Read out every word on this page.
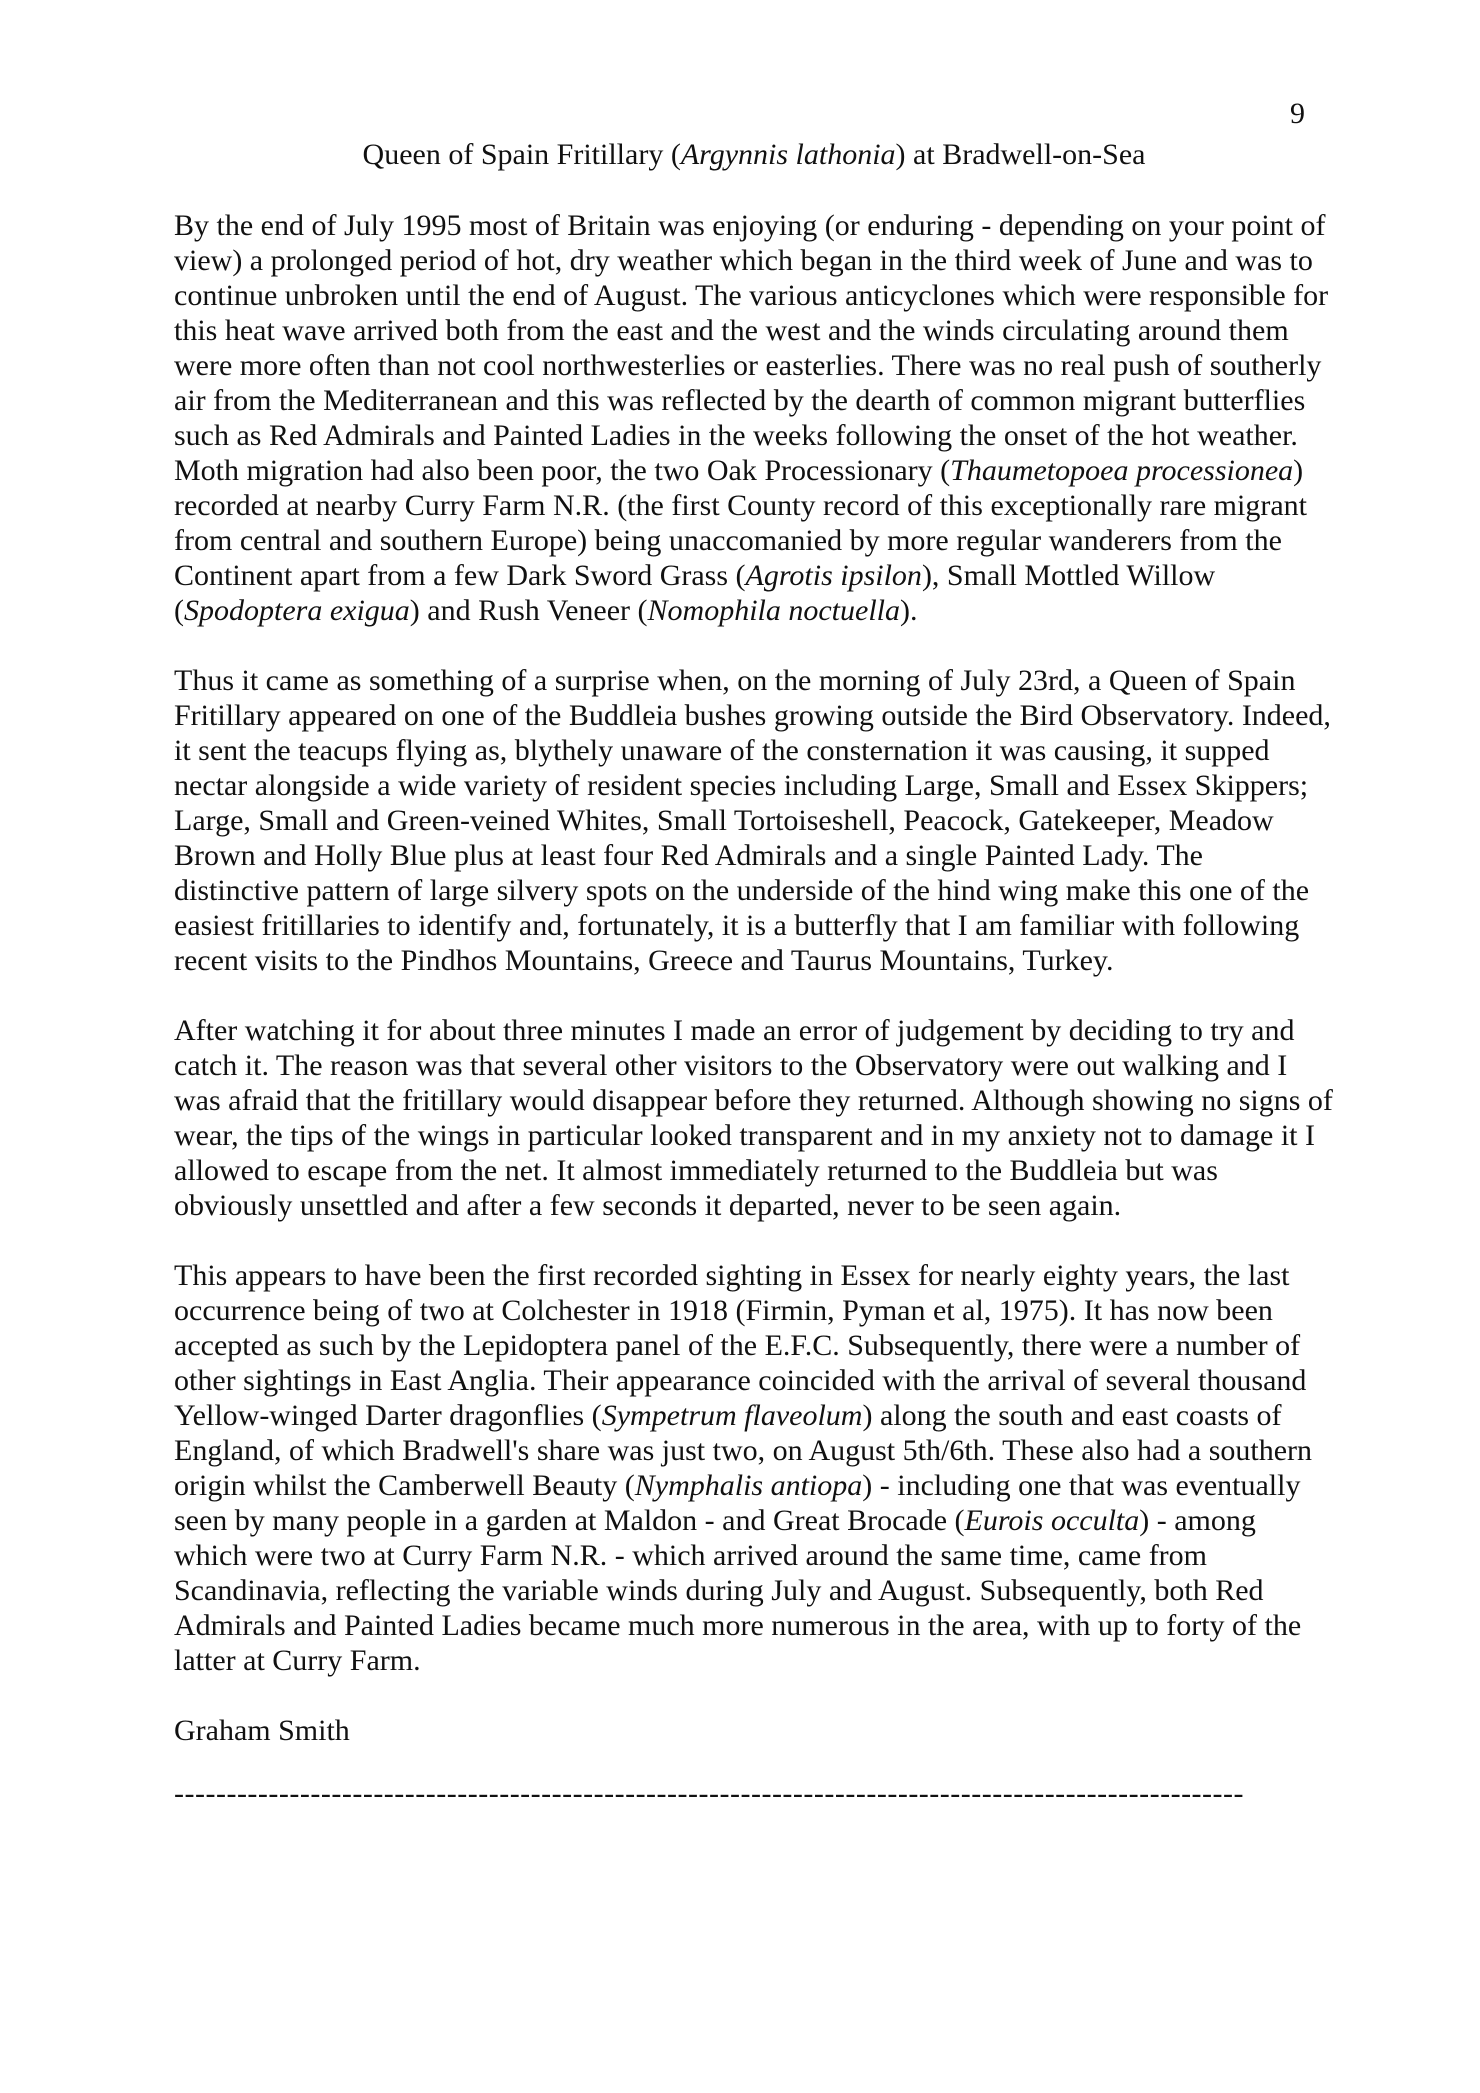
9

Queen of Spain Fritillary (Argynnis lathonia) at Bradwell-on-Sea

By the end of July 1995 most of Britain was enjoying (or enduring - depending on your point of view) a prolonged period of hot, dry weather which began in the third week of June and was to continue unbroken until the end of August. The various anticyclones which were responsible for this heat wave arrived both from the east and the west and the winds circulating around them were more often than not cool northwesterlies or easterlies. There was no real push of southerly air from the Mediterranean and this was reflected by the dearth of common migrant butterflies such as Red Admirals and Painted Ladies in the weeks following the onset of the hot weather. Moth migration had also been poor, the two Oak Processionary (Thaumetopoea processionea) recorded at nearby Curry Farm N.R. (the first County record of this exceptionally rare migrant from central and southern Europe) being unaccomanied by more regular wanderers from the Continent apart from a few Dark Sword Grass (Agrotis ipsilon), Small Mottled Willow (Spodoptera exigua) and Rush Veneer (Nomophila noctuella).

Thus it came as something of a surprise when, on the morning of July 23rd, a Queen of Spain Fritillary appeared on one of the Buddleia bushes growing outside the Bird Observatory. Indeed, it sent the teacups flying as, blythely unaware of the consternation it was causing, it supped nectar alongside a wide variety of resident species including Large, Small and Essex Skippers; Large, Small and Green-veined Whites, Small Tortoiseshell, Peacock, Gatekeeper, Meadow Brown and Holly Blue plus at least four Red Admirals and a single Painted Lady. The distinctive pattern of large silvery spots on the underside of the hind wing make this one of the easiest fritillaries to identify and, fortunately, it is a butterfly that I am familiar with following recent visits to the Pindhos Mountains, Greece and Taurus Mountains, Turkey.

After watching it for about three minutes I made an error of judgement by deciding to try and catch it. The reason was that several other visitors to the Observatory were out walking and I was afraid that the fritillary would disappear before they returned. Although showing no signs of wear, the tips of the wings in particular looked transparent and in my anxiety not to damage it I allowed to escape from the net. It almost immediately returned to the Buddleia but was obviously unsettled and after a few seconds it departed, never to be seen again.

This appears to have been the first recorded sighting in Essex for nearly eighty years, the last occurrence being of two at Colchester in 1918 (Firmin, Pyman et al, 1975). It has now been accepted as such by the Lepidoptera panel of the E.F.C. Subsequently, there were a number of other sightings in East Anglia. Their appearance coincided with the arrival of several thousand Yellow-winged Darter dragonflies (Sympetrum flaveolum) along the south and east coasts of England, of which Bradwell's share was just two, on August 5th/6th. These also had a southern origin whilst the Camberwell Beauty (Nymphalis antiopa) - including one that was eventually seen by many people in a garden at Maldon - and Great Brocade (Eurois occulta) - among which were two at Curry Farm N.R. - which arrived around the same time, came from Scandinavia, reflecting the variable winds during July and August. Subsequently, both Red Admirals and Painted Ladies became much more numerous in the area, with up to forty of the latter at Curry Farm.

Graham Smith

------------------------------------------------------------------------------------------------------
